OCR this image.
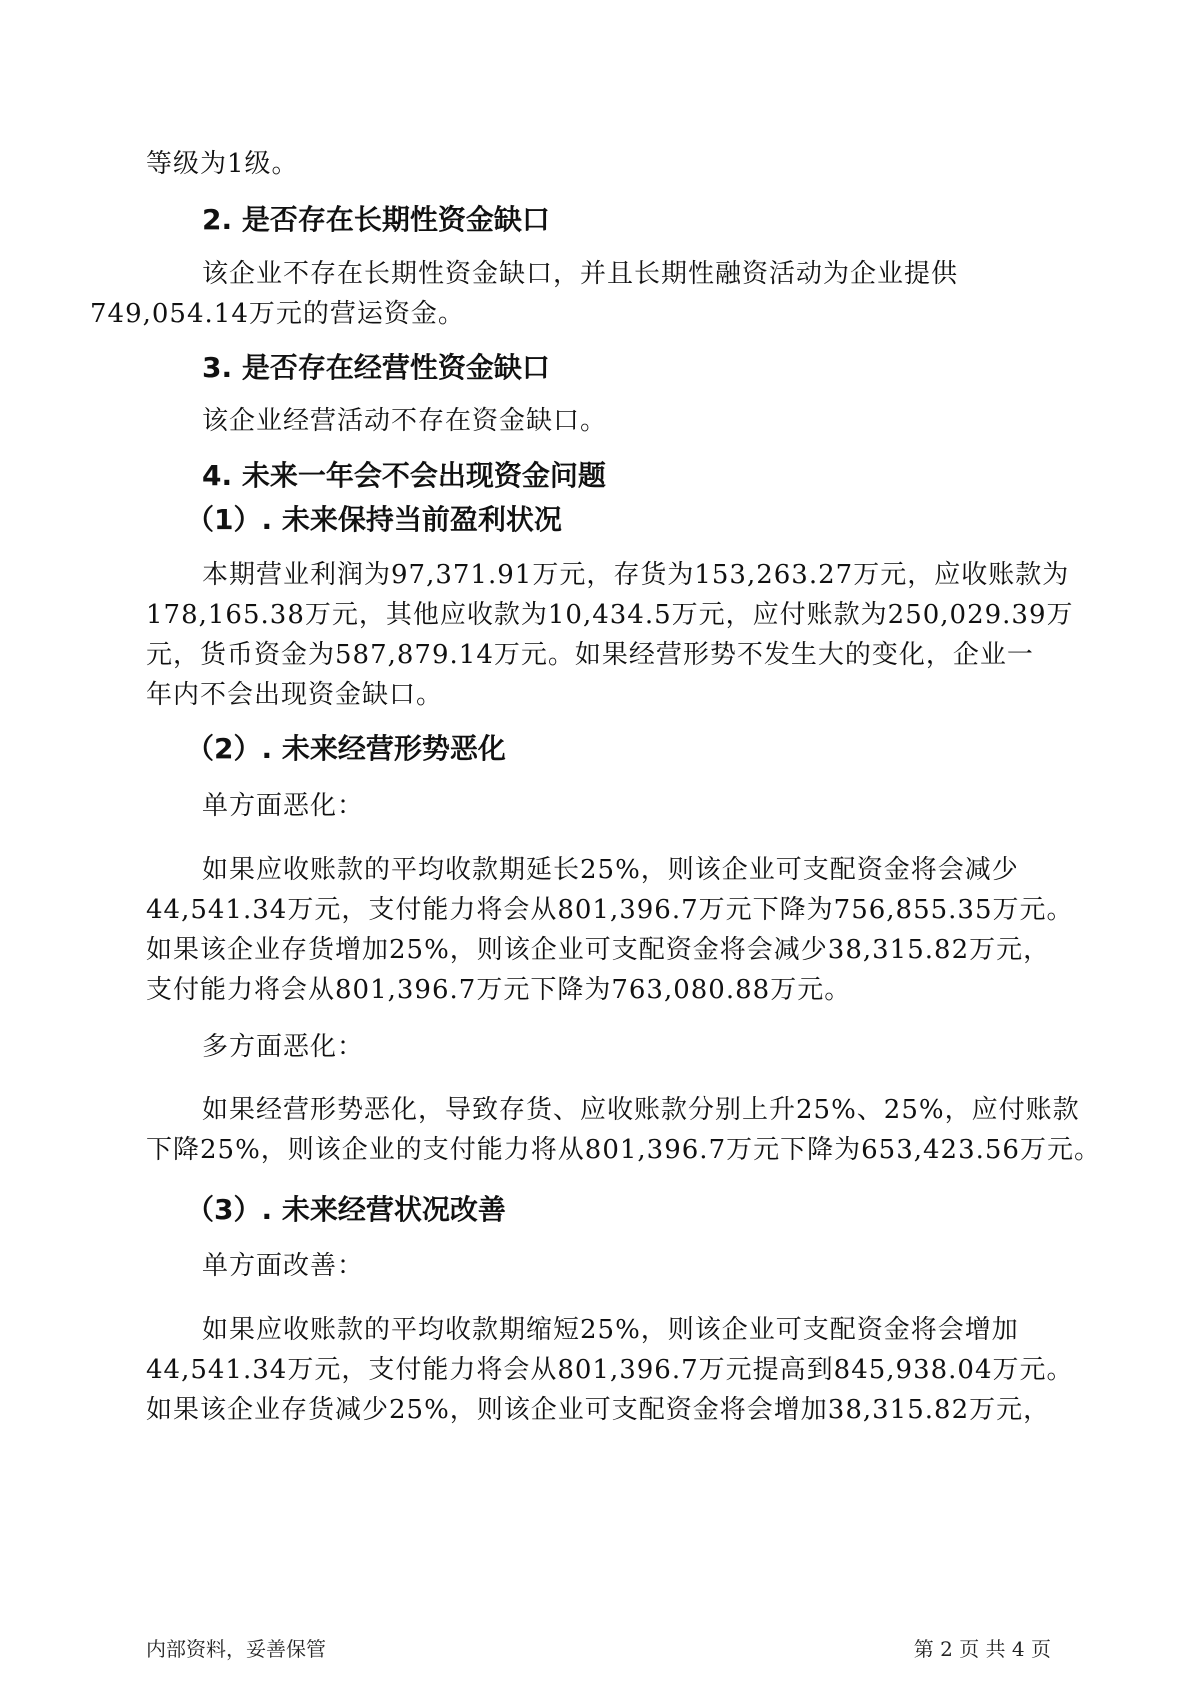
等级为1级。

2. 是否存在长期性资金缺口

该企业不存在长期性资金缺口，并且长期性融资活动为企业提供
749,054.14万元的营运资金。

3. 是否存在经营性资金缺口

该企业经营活动不存在资金缺口。

4. 未来一年会不会出现资金问题
（1）. 未来保持当前盈利状况

本期营业利润为97,371.91万元，存货为153,263.27万元，应收账款为
178,165.38万元，其他应收款为10,434.5万元，应付账款为250,029.39万
元，货币资金为587,879.14万元。如果经营形势不发生大的变化，企业一
年内不会出现资金缺口。

（2）. 未来经营形势恶化

单方面恶化：

如果应收账款的平均收款期延长25%，则该企业可支配资金将会减少
44,541.34万元，支付能力将会从801,396.7万元下降为756,855.35万元。
如果该企业存货增加25%，则该企业可支配资金将会减少38,315.82万元，
支付能力将会从801,396.7万元下降为763,080.88万元。

多方面恶化：

如果经营形势恶化，导致存货、应收账款分别上升25%、25%，应付账款
下降25%，则该企业的支付能力将从801,396.7万元下降为653,423.56万元。

（3）. 未来经营状况改善

单方面改善：

如果应收账款的平均收款期缩短25%，则该企业可支配资金将会增加
44,541.34万元，支付能力将会从801,396.7万元提高到845,938.04万元。
如果该企业存货减少25%，则该企业可支配资金将会增加38,315.82万元，

内部资料，妥善保管	第 2 页 共 4 页
